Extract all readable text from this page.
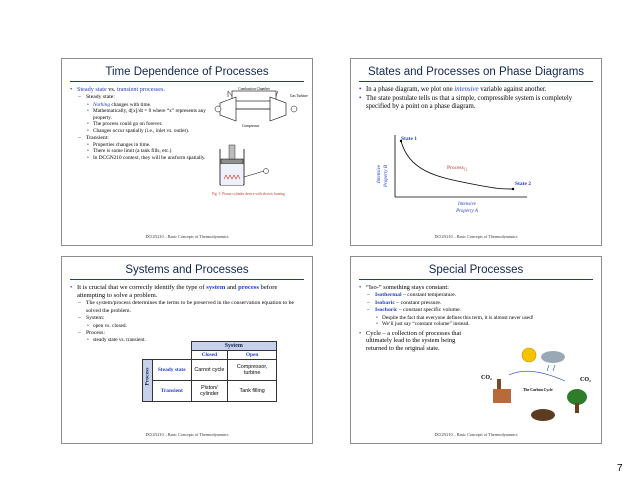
Time Dependence of Processes
• Steady state vs. transient processes.
– Steady state:
• Nothing changes with time.
• Mathematically, d[x]/dt = 0 where “x” represents any property.
• The process could go on forever.
• Changes occur spatially (i.e., inlet vs. outlet).
– Transient:
• Properties changes in time.
• There is some limit (a tank fills, etc.)
• In DCGN210 context, they will be unsform spatially.
Combustion Chamber
Gas Turbine
Compressor
Fig. 1: Piston-cylinder device with electric heating
DCGN210 – Basic Concepts of Thermodynamics
States and Processes on Phase Diagrams
• In a phase diagram, we plot one intensive variable against another.
• The state postulate tells us that a simple, compressible system is completely specified by a point on a phase diagram.
State 1
State 2
Process$_{12}$
Intensive Property B
Intensive
Property A
DCGN210 – Basic Concepts of Thermodynamics
Systems and Processes
• It is crucial that we correctly identify the type of system and process before attempting to solve a problem.
– The system/process determines the terms to be preserved in the conservation equation to be solved the problem.
– System:
• open vs. closed.
– Process:
• steady state vs. transient.
		System	
		Closed	Open

Process	Steady state	Carnot cycle	Compressor, turbine
	Transient	Piston/ cylinder	Tank filling
DCGN210 – Basic Concepts of Thermodynamics
Special Processes
• “Iso-” something stays constant:
– Isothermal – constant temperature.
– Isobaric – constant pressure.
– Isochoric – constant specific volume.
• Despite the fact that everyone defines this term, it is almost never used!
• We’ll just say “constant volume” instead.
• Cycle – a collection of processes that ultimately lead to the system being returned to the original state.
CO₂	CO₂
The Carbon Cycle
DCGN210 – Basic Concepts of Thermodynamics
7
